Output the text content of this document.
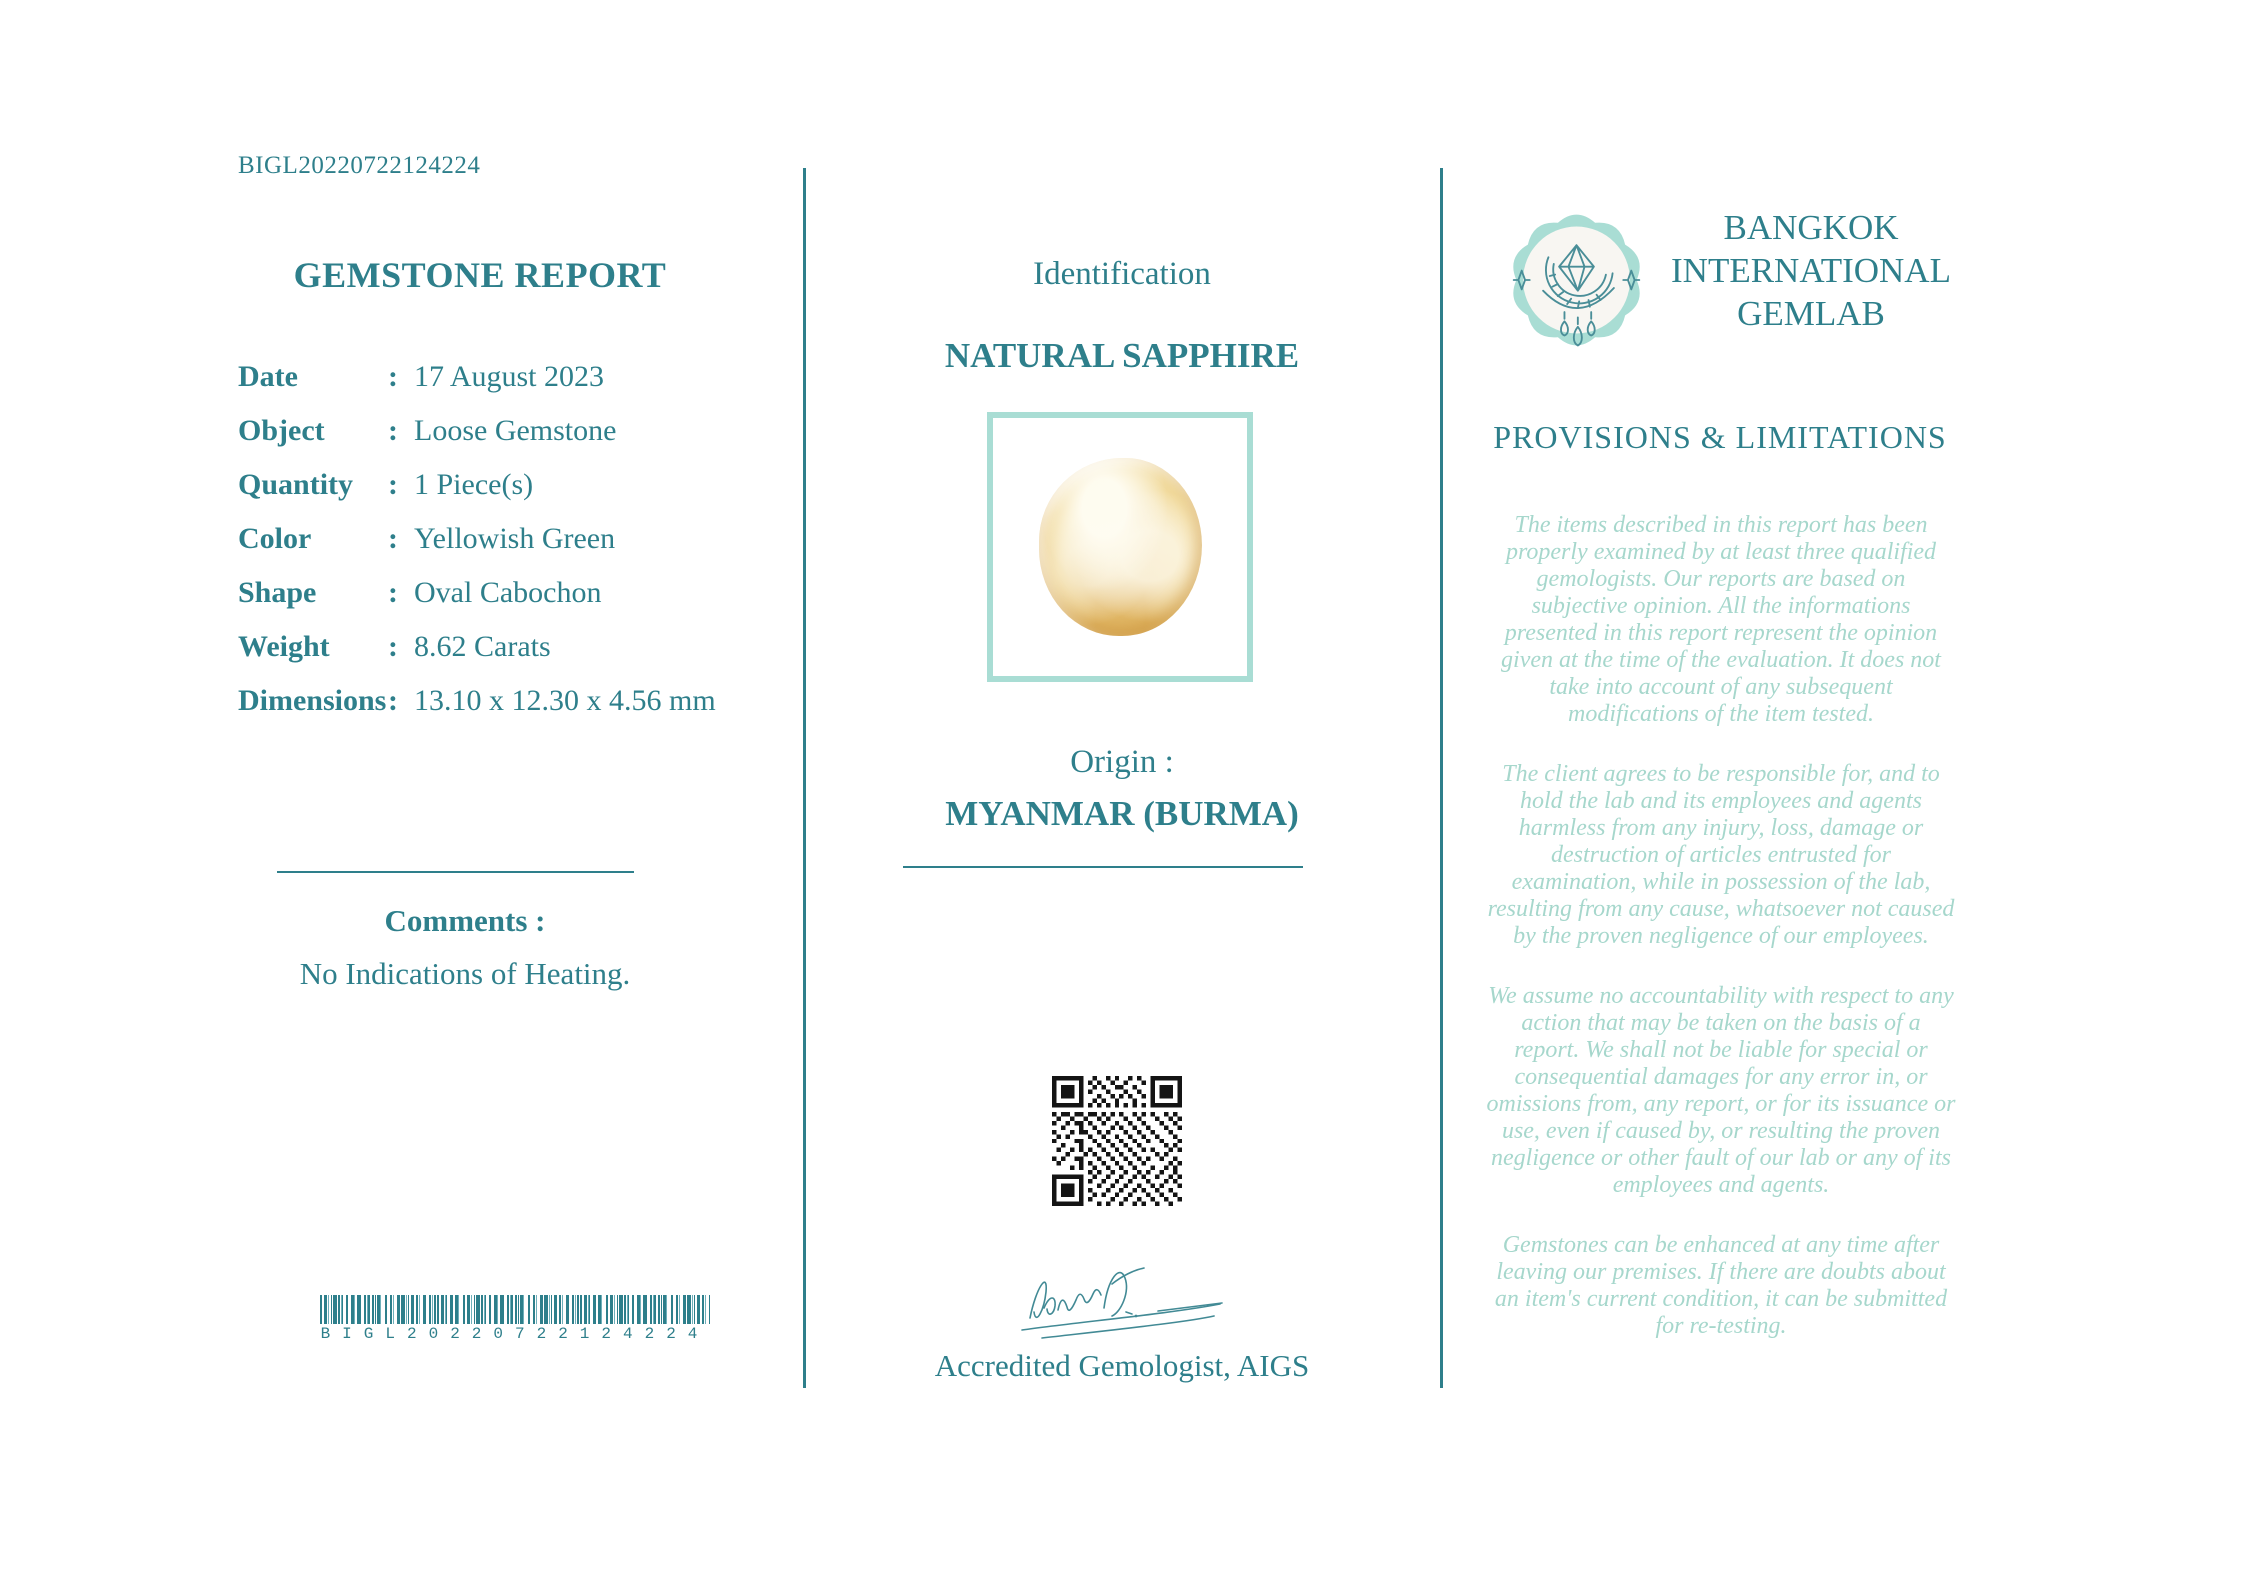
BIGL20220722124224
GEMSTONE REPORT
Date	: 17 August 2023
Object	: Loose Gemstone
Quantity	: 1 Piece(s)
Color	: Yellowish Green
Shape	: Oval Cabochon
Weight	: 8.62 Carats
Dimensions : 13.10 x 12.30 x 4.56 mm
Comments :
No Indications of Heating.
BIGL20220722124224
Identification
NATURAL SAPPHIRE
Origin :
MYANMAR (BURMA)
Accredited Gemologist, AIGS
BANGKOK INTERNATIONAL GEMLAB
PROVISIONS & LIMITATIONS

The items described in this report has been properly examined by at least three qualified gemologists. Our reports are based on subjective opinion. All the informations presented in this report represent the opinion given at the time of the evaluation. It does not take into account of any subsequent modifications of the item tested.

The client agrees to be responsible for, and to hold the lab and its employees and agents harmless from any injury, loss, damage or destruction of articles entrusted for examination, while in possession of the lab, resulting from any cause, whatsoever not caused by the proven negligence of our employees.

We assume no accountability with respect to any action that may be taken on the basis of a report. We shall not be liable for special or consequential damages for any error in, or omissions from, any report, or for its issuance or use, even if caused by, or resulting the proven negligence or other fault of our lab or any of its employees and agents.

Gemstones can be enhanced at any time after leaving our premises. If there are doubts about an item's current condition, it can be submitted for re-testing.
